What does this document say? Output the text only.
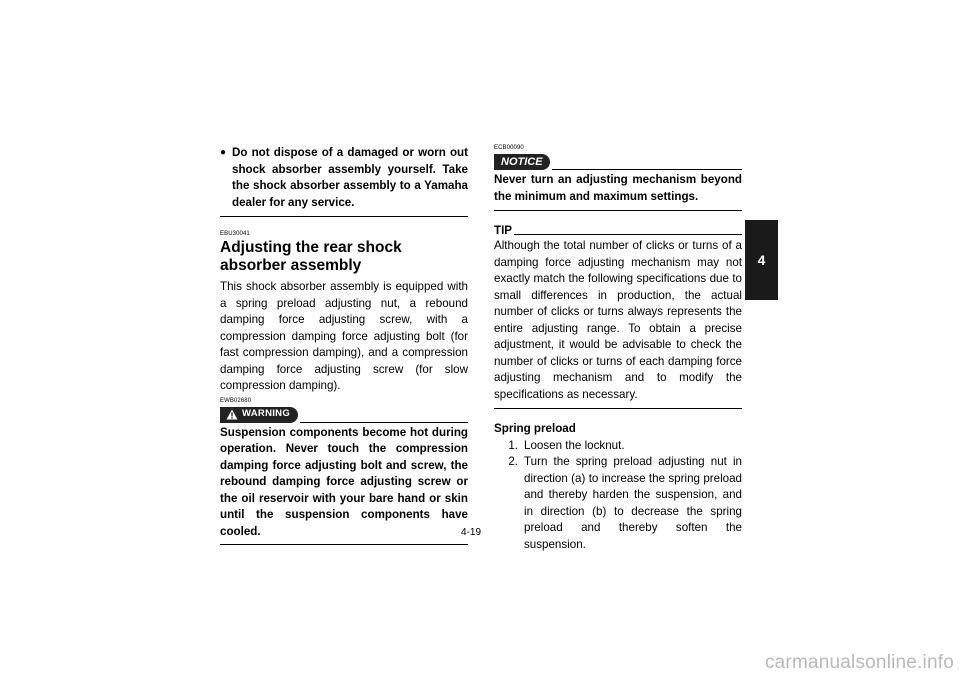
● Do not dispose of a damaged or worn out shock absorber assembly yourself. Take the shock absorber assembly to a Yamaha dealer for any service.
EBU30041
Adjusting the rear shock absorber assembly
This shock absorber assembly is equipped with a spring preload adjusting nut, a rebound damping force adjusting screw, with a compression damping force adjusting bolt (for fast compression damping), and a compression damping force adjusting screw (for slow compression damping).
EWB02680
WARNING
Suspension components become hot during operation. Never touch the compression damping force adjusting bolt and screw, the rebound damping force adjusting screw or the oil reservoir with your bare hand or skin until the suspension components have cooled.
ECB00090
NOTICE
Never turn an adjusting mechanism beyond the minimum and maximum settings.
TIP
Although the total number of clicks or turns of a damping force adjusting mechanism may not exactly match the following specifications due to small differences in production, the actual number of clicks or turns always represents the entire adjusting range. To obtain a precise adjustment, it would be advisable to check the number of clicks or turns of each damping force adjusting mechanism and to modify the specifications as necessary.
Spring preload
1. Loosen the locknut.
2. Turn the spring preload adjusting nut in direction (a) to increase the spring preload and thereby harden the suspension, and in direction (b) to decrease the spring preload and thereby soften the suspension.
4-19
4
carmanualsonline.info
